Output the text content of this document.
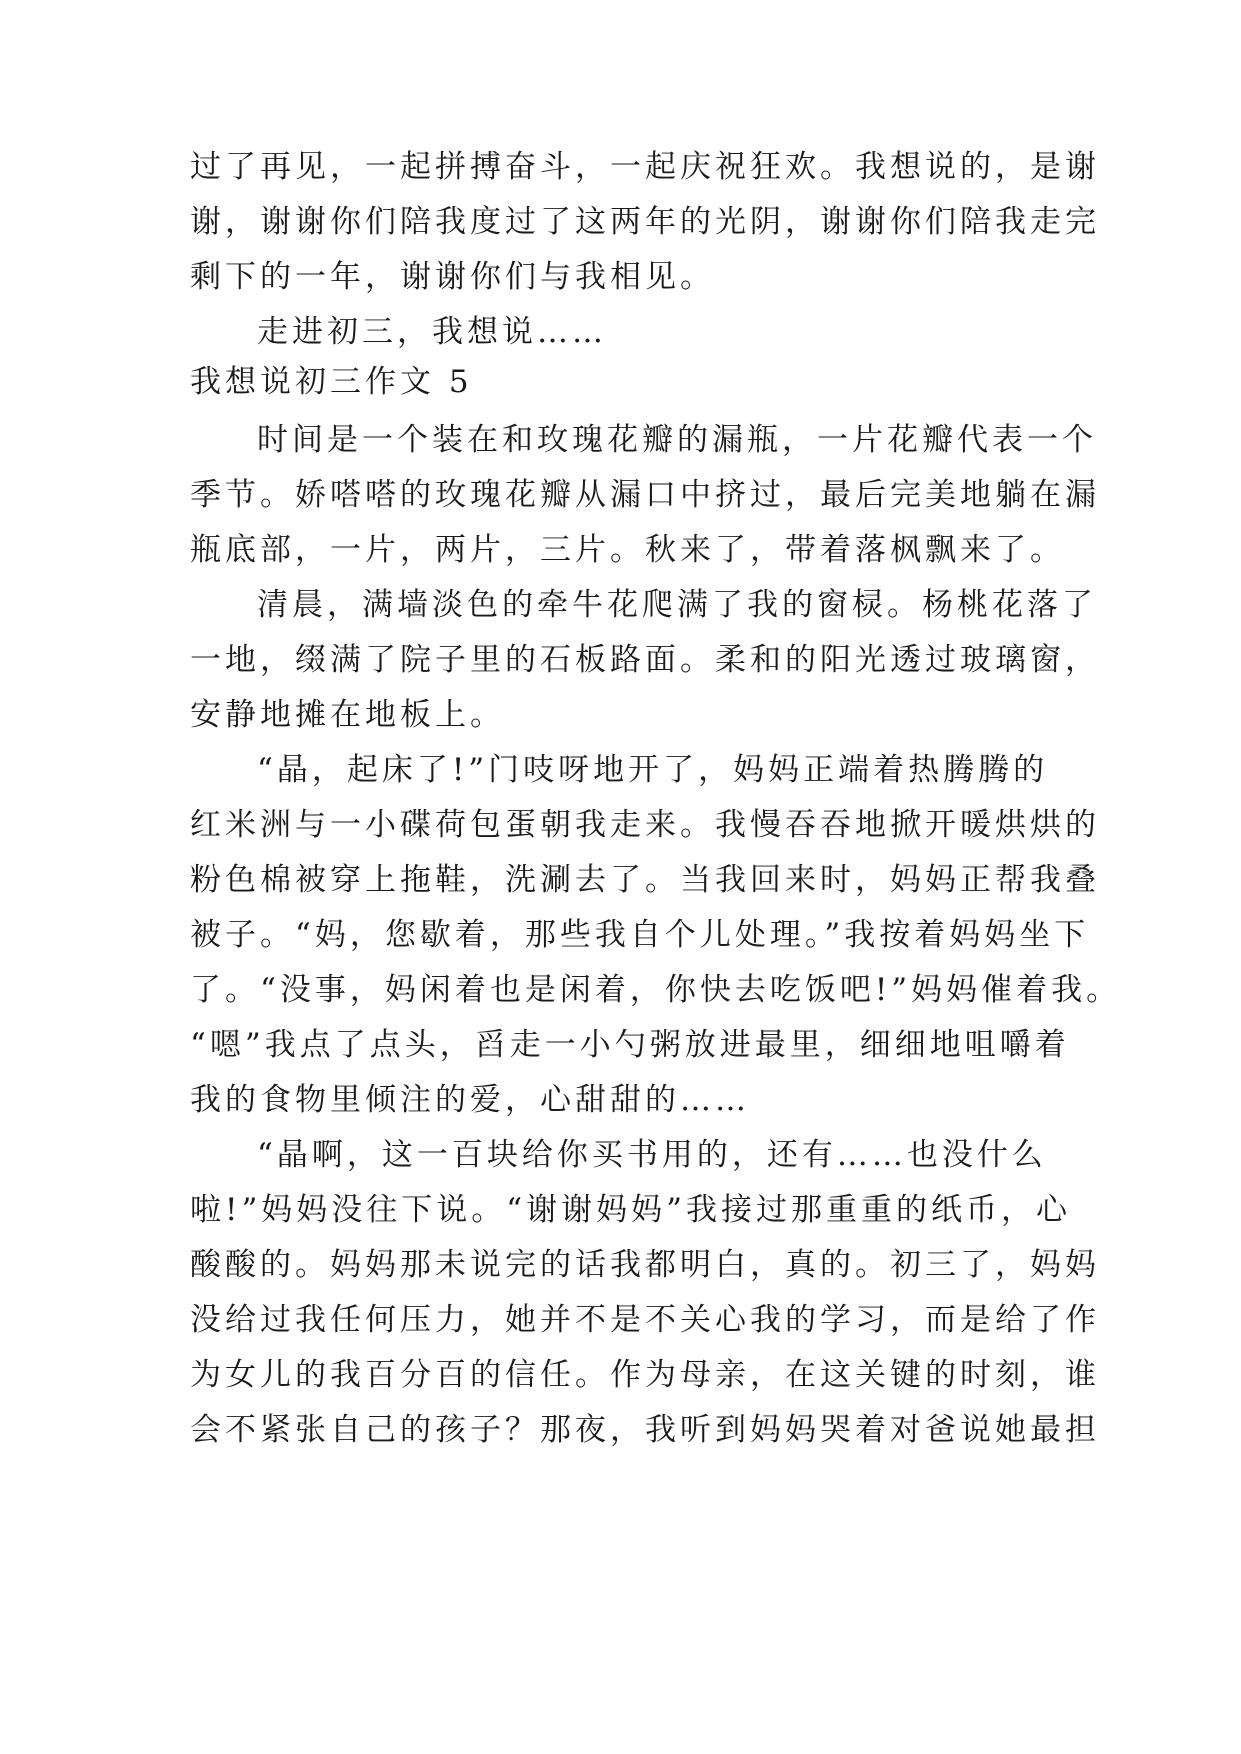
过了再见，一起拼搏奋斗，一起庆祝狂欢。我想说的，是谢
谢，谢谢你们陪我度过了这两年的光阴，谢谢你们陪我走完
剩下的一年，谢谢你们与我相见。
走进初三，我想说……
我想说初三作文 5
时间是一个装在和玫瑰花瓣的漏瓶，一片花瓣代表一个
季节。娇嗒嗒的玫瑰花瓣从漏口中挤过，最后完美地躺在漏
瓶底部，一片，两片，三片。秋来了，带着落枫飘来了。
清晨，满墙淡色的牵牛花爬满了我的窗棂。杨桃花落了
一地，缀满了院子里的石板路面。柔和的阳光透过玻璃窗，
安静地摊在地板上。
“晶，起床了!”门吱呀地开了，妈妈正端着热腾腾的
红米洲与一小碟荷包蛋朝我走来。我慢吞吞地掀开暖烘烘的
粉色棉被穿上拖鞋，洗涮去了。当我回来时，妈妈正帮我叠
被子。“妈，您歇着，那些我自个儿处理。”我按着妈妈坐下
了。“没事，妈闲着也是闲着，你快去吃饭吧!”妈妈催着我。
“嗯”我点了点头，舀走一小勺粥放进最里，细细地咀嚼着
我的食物里倾注的爱，心甜甜的……
“晶啊，这一百块给你买书用的，还有……也没什么
啦!”妈妈没往下说。“谢谢妈妈”我接过那重重的纸币，心
酸酸的。妈妈那未说完的话我都明白，真的。初三了，妈妈
没给过我任何压力，她并不是不关心我的学习，而是给了作
为女儿的我百分百的信任。作为母亲，在这关键的时刻，谁
会不紧张自己的孩子？那夜，我听到妈妈哭着对爸说她最担
